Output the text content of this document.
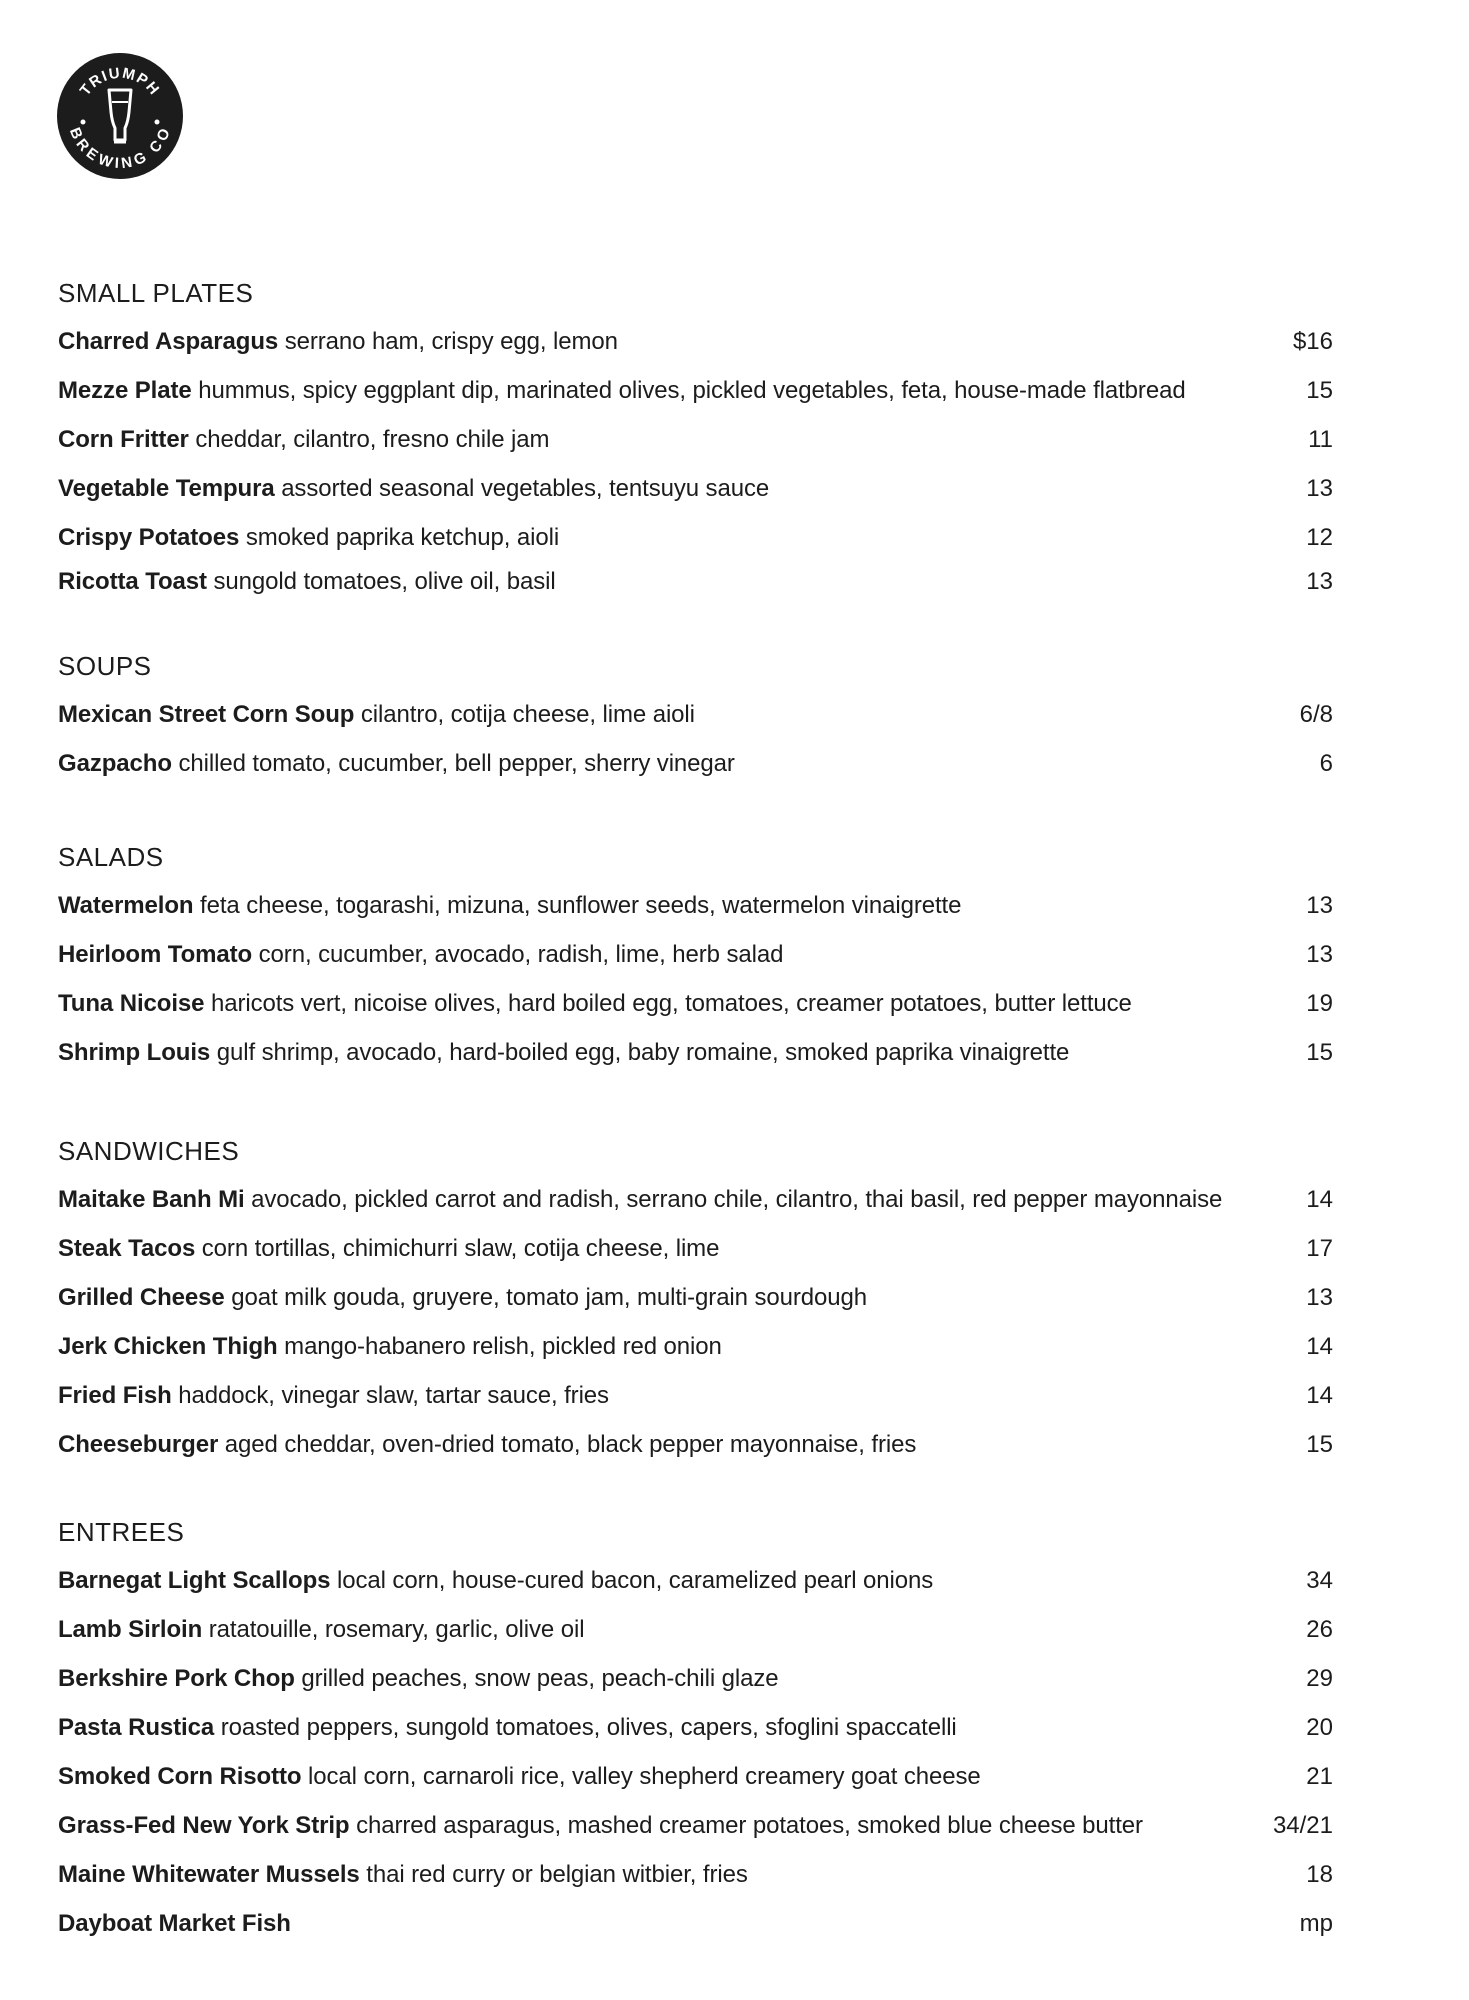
TRIUMPH
BREWING CO
SMALL PLATES
Charred Asparagus serrano ham, crispy egg, lemon	$16
Mezze Plate hummus, spicy eggplant dip, marinated olives, pickled vegetables, feta, house-made flatbread	15
Corn Fritter cheddar, cilantro, fresno chile jam	11
Vegetable Tempura assorted seasonal vegetables, tentsuyu sauce	13
Crispy Potatoes smoked paprika ketchup, aioli	12
Ricotta Toast sungold tomatoes, olive oil, basil	13
SOUPS
Mexican Street Corn Soup cilantro, cotija cheese, lime aioli	6/8
Gazpacho chilled tomato, cucumber, bell pepper, sherry vinegar	6
SALADS
Watermelon feta cheese, togarashi, mizuna, sunflower seeds, watermelon vinaigrette	13
Heirloom Tomato corn, cucumber, avocado, radish, lime, herb salad	13
Tuna Nicoise haricots vert, nicoise olives, hard boiled egg, tomatoes, creamer potatoes, butter lettuce	19
Shrimp Louis gulf shrimp, avocado, hard-boiled egg, baby romaine, smoked paprika vinaigrette	15
SANDWICHES
Maitake Banh Mi avocado, pickled carrot and radish, serrano chile, cilantro, thai basil, red pepper mayonnaise	14
Steak Tacos corn tortillas, chimichurri slaw, cotija cheese, lime	17
Grilled Cheese goat milk gouda, gruyere, tomato jam, multi-grain sourdough	13
Jerk Chicken Thigh mango-habanero relish, pickled red onion	14
Fried Fish haddock, vinegar slaw, tartar sauce, fries	14
Cheeseburger aged cheddar, oven-dried tomato, black pepper mayonnaise, fries	15
ENTREES
Barnegat Light Scallops local corn, house-cured bacon, caramelized pearl onions	34
Lamb Sirloin ratatouille, rosemary, garlic, olive oil	26
Berkshire Pork Chop grilled peaches, snow peas, peach-chili glaze	29
Pasta Rustica roasted peppers, sungold tomatoes, olives, capers, sfoglini spaccatelli	20
Smoked Corn Risotto local corn, carnaroli rice, valley shepherd creamery goat cheese	21
Grass-Fed New York Strip charred asparagus, mashed creamer potatoes, smoked blue cheese butter	34/21
Maine Whitewater Mussels thai red curry or belgian witbier, fries	18
Dayboat Market Fish	mp
